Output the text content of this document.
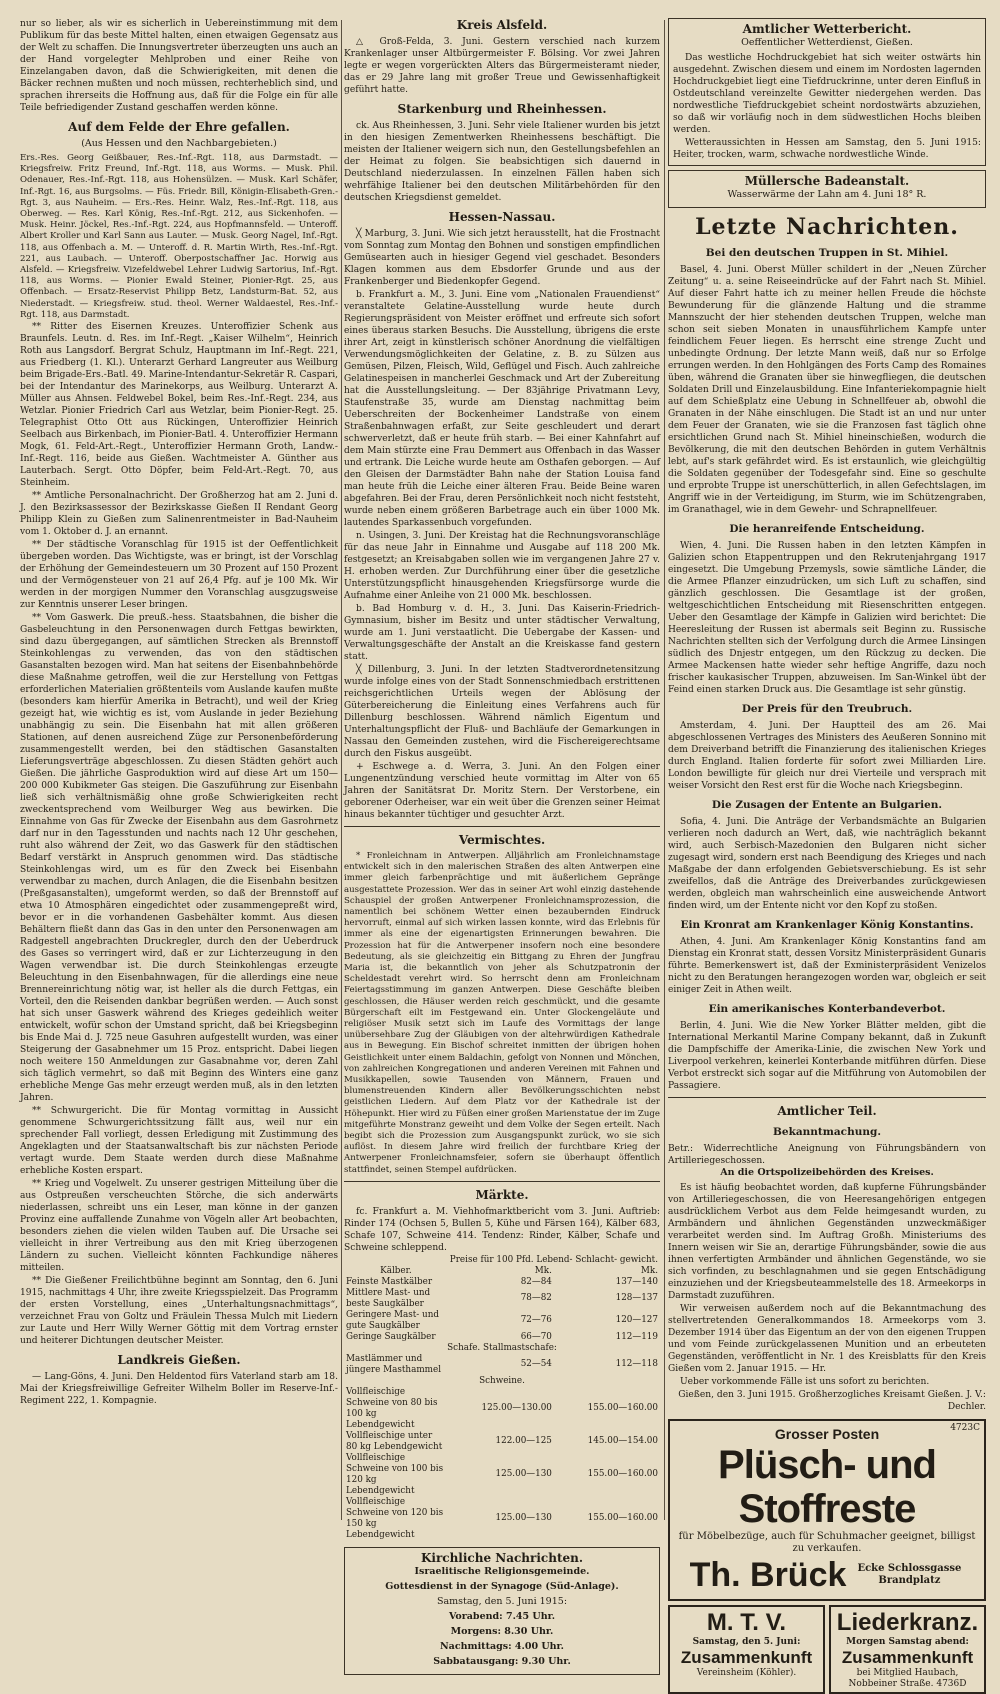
nur so lieber, als wir es sicherlich in Uebereinstimmung mit dem Publikum für das beste Mittel halten, einen etwaigen Gegensatz aus der Welt zu schaffen. Die Innungsvertreter überzeugten uns auch an der Hand vorgelegter Mehlproben und einer Reihe von Einzelangaben davon, daß die Schwierigkeiten, mit denen die Bäcker rechnen mußten und noch müssen, rechterheblich sind, und sprachen ihrerseits die Hoffnung aus, daß für die Folge ein für alle Teile befriedigender Zustand geschaffen werden könne.

Auf dem Felde der Ehre gefallen.
(Aus Hessen und den Nachbargebieten.)

Ers.-Res. Georg Geißbauer, Res.-Inf.-Rgt. 118, aus Darmstadt. — Kriegsfreiw. Fritz Freund, Inf.-Rgt. 118, aus Worms. — Musk. Phil. Odenauer, Res.-Inf.-Rgt. 118, aus Hohensülzen. — Musk. Karl Schäfer, Inf.-Rgt. 16, aus Burgsolms. — Füs. Friedr. Bill, Königin-Elisabeth-Gren.-Rgt. 3, aus Nauheim. — Ers.-Res. Heinr. Walz, Res.-Inf.-Rgt. 118, aus Oberweg. — Res. Karl König, Res.-Inf.-Rgt. 212, aus Sickenhofen. — Musk. Heinr. Jöckel, Res.-Inf.-Rgt. 224, aus Hopfmannsfeld. — Unteroff. Albert Kroller und Karl Sann aus Lauter. — Musk. Georg Nagel, Inf.-Rgt. 118, aus Offenbach a. M. — Unteroff. d. R. Martin Wirth, Res.-Inf.-Rgt. 221, aus Laubach. — Unteroff. Oberpostschaffner Jac. Horwig aus Alsfeld. — Kriegsfreiw. Vizefeldwebel Lehrer Ludwig Sartorius, Inf.-Rgt. 118, aus Worms. — Pionier Ewald Steiner, Pionier-Rgt. 25, aus Offenbach. — Ersatz-Reservist Philipp Betz, Landsturm-Bat. 52, aus Niederstadt. — Kriegsfreiw. stud. theol. Werner Waldaestel, Res.-Inf.-Rgt. 118, aus Darmstadt.

** Ritter des Eisernen Kreuzes. Unteroffizier Schenk aus Braunfels. Leutn. d. Res. im Inf.-Regt. „Kaiser Wilhelm“, Heinrich Roth aus Langsdorf. Bergrat Schulz, Hauptmann im Inf.-Regt. 221, aus Friedberg (1. Kl.). Unterarzt Gerhard Langreuter aus Weilburg beim Brigade-Ers.-Batl. 49. Marine-Intendantur-Sekretär R. Caspari, bei der Intendantur des Marinekorps, aus Weilburg. Unterarzt A. Müller aus Ahnsen. Feldwebel Bokel, beim Res.-Inf.-Regt. 234, aus Wetzlar. Pionier Friedrich Carl aus Wetzlar, beim Pionier-Regt. 25. Telegraphist Otto Ott aus Rückingen, Unteroffizier Heinrich Seelbach aus Birkenbach, im Pionier-Batl. 4. Unteroffizier Hermann Mogk, 61. Feld-Art.-Regt., Unteroffizier Hermann Groth, Landw.-Inf.-Regt. 116, beide aus Gießen. Wachtmeister A. Günther aus Lauterbach. Sergt. Otto Döpfer, beim Feld-Art.-Regt. 70, aus Steinheim.

** Amtliche Personalnachricht. Der Großherzog hat am 2. Juni d. J. den Bezirksassessor der Bezirkskasse Gießen II Rendant Georg Philipp Klein zu Gießen zum Salinenrentmeister in Bad-Nauheim vom 1. Oktober d. J. an ernannt.

** Der städtische Voranschlag für 1915 ist der Oeffentlichkeit übergeben worden. Das Wichtigste, was er bringt, ist der Vorschlag der Erhöhung der Gemeindesteuern um 30 Prozent auf 150 Prozent und der Vermögensteuer von 21 auf 26,4 Pfg. auf je 100 Mk. Wir werden in der morgigen Nummer den Voranschlag ausgzugsweise zur Kenntnis unserer Leser bringen.

** Vom Gaswerk. Die preuß.-hess. Staatsbahnen, die bisher die Gasbeleuchtung in den Personenwagen durch Fettgas bewirkten, sind dazu übergegangen, auf sämtlichen Strecken als Brennstoff Steinkohlengas zu verwenden, das von den städtischen Gasanstalten bezogen wird. Man hat seitens der Eisenbahnbehörde diese Maßnahme getroffen, weil die zur Herstellung von Fettgas erforderlichen Materialien größtenteils vom Auslande kaufen mußte (besonders kam hierfür Amerika in Betracht), und weil der Krieg gezeigt hat, wie wichtig es ist, vom Auslande in jeder Beziehung unabhängig zu sein. Die Eisenbahn hat mit allen größeren Stationen, auf denen ausreichend Züge zur Personenbeförderung zusammengestellt werden, bei den städtischen Gasanstalten Lieferungsverträge abgeschlossen. Zu diesen Städten gehört auch Gießen. Die jährliche Gasproduktion wird auf diese Art um 150—200 000 Kubikmeter Gas steigen. Die Gaszuführung zur Eisenbahn ließ sich verhältnismäßig ohne große Schwierigkeiten recht zweckentsprechend vom Weilburger Weg aus bewirken. Die Einnahme von Gas für Zwecke der Eisenbahn aus dem Gasrohrnetz darf nur in den Tagesstunden und nachts nach 12 Uhr geschehen, ruht also während der Zeit, wo das Gaswerk für den städtischen Bedarf verstärkt in Anspruch genommen wird. Das städtische Steinkohlengas wird, um es für den Zweck bei Eisenbahn verwendbar zu machen, durch Anlagen, die die Eisenbahn besitzen (Preßgasanstalten), umgeformt werden, so daß der Brennstoff auf etwa 10 Atmosphären eingedichtet oder zusammengepreßt wird, bevor er in die vorhandenen Gasbehälter kommt. Aus diesen Behältern fließt dann das Gas in den unter den Personenwagen am Radgestell angebrachten Druckregler, durch den der Ueberdruck des Gases so verringert wird, daß er zur Lichterzeugung in den Wagen verwendbar ist. Die durch Steinkohlengas erzeugte Beleuchtung in den Eisenbahnwagen, für die allerdings eine neue Brennereinrichtung nötig war, ist heller als die durch Fettgas, ein Vorteil, den die Reisenden dankbar begrüßen werden. — Auch sonst hat sich unser Gaswerk während des Krieges gedeihlich weiter entwickelt, wofür schon der Umstand spricht, daß bei Kriegsbeginn bis Ende Mai d. J. 725 neue Gasuhren aufgestellt wurden, was einer Steigerung der Gasabnehmer um 15 Proz. entspricht. Dabei liegen noch weitere 150 Anmeldungen zur Gasabnahme vor, deren Zahl sich täglich vermehrt, so daß mit Beginn des Winters eine ganz erhebliche Menge Gas mehr erzeugt werden muß, als in den letzten Jahren.

** Schwurgericht. Die für Montag vormittag in Aussicht genommene Schwurgerichtssitzung fällt aus, weil nur ein sprechender Fall vorliegt, dessen Erledigung mit Zustimmung des Angeklagten und der Staatsanwaltschaft bis zur nächsten Periode vertagt wurde. Dem Staate werden durch diese Maßnahme erhebliche Kosten erspart.

** Krieg und Vogelwelt. Zu unserer gestrigen Mitteilung über die aus Ostpreußen verscheuchten Störche, die sich anderwärts niederlassen, schreibt uns ein Leser, man könne in der ganzen Provinz eine auffallende Zunahme von Vögeln aller Art beobachten, besonders ziehen die vielen wilden Tauben auf. Die Ursache sei vielleicht in ihrer Vertreibung aus den mit Krieg überzogenen Ländern zu suchen. Vielleicht könnten Fachkundige näheres mitteilen.

** Die Gießener Freilichtbühne beginnt am Sonntag, den 6. Juni 1915, nachmittags 4 Uhr, ihre zweite Kriegsspielzeit. Das Programm der ersten Vorstellung, eines „Unterhaltungsnachmittags“, verzeichnet Frau von Goltz und Fräulein Thessa Mulch mit Liedern zur Laute und Herr Willy Werner Göttig mit dem Vortrag ernster und heiterer Dichtungen deutscher Meister.

Landkreis Gießen.

— Lang-Göns, 4. Juni. Den Heldentod fürs Vaterland starb am 18. Mai der Kriegsfreiwillige Gefreiter Wilhelm Boller im Reserve-Inf.-Regiment 222, 1. Kompagnie.

Kreis Alsfeld.

△ Groß-Felda, 3. Juni. Gestern verschied nach kurzem Krankenlager unser Altbürgermeister F. Bölsing. Vor zwei Jahren legte er wegen vorgerückten Alters das Bürgermeisteramt nieder, das er 29 Jahre lang mit großer Treue und Gewissenhaftigkeit geführt hatte.

Starkenburg und Rheinhessen.

ck. Aus Rheinhessen, 3. Juni. Sehr viele Italiener wurden bis jetzt in den hiesigen Zementwerken Rheinhessens beschäftigt. Die meisten der Italiener weigern sich nun, den Gestellungsbefehlen an der Heimat zu folgen. Sie beabsichtigen sich dauernd in Deutschland niederzulassen. In einzelnen Fällen haben sich wehrfähige Italiener bei den deutschen Militärbehörden für den deutschen Kriegsdienst gemeldet.

Hessen-Nassau.

╳ Marburg, 3. Juni. Wie sich jetzt herausstellt, hat die Frostnacht vom Sonntag zum Montag den Bohnen und sonstigen empfindlichen Gemüsearten auch in hiesiger Gegend viel geschadet. Besonders Klagen kommen aus dem Ebsdorfer Grunde und aus der Frankenberger und Biedenkopfer Gegend.

b. Frankfurt a. M., 3. Juni. Eine vom „Nationalen Frauendienst“ veranstaltete Gelatine-Ausstellung wurde heute durch Regierungspräsident von Meister eröffnet und erfreute sich sofort eines überaus starken Besuchs. Die Ausstellung, übrigens die erste ihrer Art, zeigt in künstlerisch schöner Anordnung die vielfältigen Verwendungsmöglichkeiten der Gelatine, z. B. zu Sülzen aus Gemüsen, Pilzen, Fleisch, Wild, Geflügel und Fisch. Auch zahlreiche Gelatinespeisen in mancherlei Geschmack und Art der Zubereitung hat die Ausstellungsleitung. — Der 83jährige Privatmann Levy, Staufenstraße 35, wurde am Dienstag nachmittag beim Ueberschreiten der Bockenheimer Landstraße von einem Straßenbahnwagen erfaßt, zur Seite geschleudert und derart schwerverletzt, daß er heute früh starb. — Bei einer Kahnfahrt auf dem Main stürzte eine Frau Demmert aus Offenbach in das Wasser und ertrank. Die Leiche wurde heute am Osthafen geborgen. — Auf den Gleisen der Darmstädter Bahn nahe der Station Louisa fand man heute früh die Leiche einer älteren Frau. Beide Beine waren abgefahren. Bei der Frau, deren Persönlichkeit noch nicht feststeht, wurde neben einem größeren Barbetrage auch ein über 1000 Mk. lautendes Sparkassenbuch vorgefunden.

n. Usingen, 3. Juni. Der Kreistag hat die Rechnungsvoranschläge für das neue Jahr in Einnahme und Ausgabe auf 118 200 Mk. festgesetzt; an Kreisabgaben sollen wie im vergangenen Jahre 27 v. H. erhoben werden. Zur Durchführung einer über die gesetzliche Unterstützungspflicht hinausgehenden Kriegsfürsorge wurde die Aufnahme einer Anleihe von 21 000 Mk. beschlossen.

b. Bad Homburg v. d. H., 3. Juni. Das Kaiserin-Friedrich-Gymnasium, bisher im Besitz und unter städtischer Verwaltung, wurde am 1. Juni verstaatlicht. Die Uebergabe der Kassen- und Verwaltungsgeschäfte der Anstalt an die Kreiskasse fand gestern statt.

╳ Dillenburg, 3. Juni. In der letzten Stadtverordnetensitzung wurde infolge eines von der Stadt Sonnenschmiedbach erstrittenen reichsgerichtlichen Urteils wegen der Ablösung der Güterbereicherung die Einleitung eines Verfahrens auch für Dillenburg beschlossen. Während nämlich Eigentum und Unterhaltungspflicht der Fluß- und Bachläufe der Gemarkungen in Nassau den Gemeinden zustehen, wird die Fischereigerechtsame durch den Fiskus ausgeübt.

+ Eschwege a. d. Werra, 3. Juni. An den Folgen einer Lungenentzündung verschied heute vormittag im Alter von 65 Jahren der Sanitätsrat Dr. Moritz Stern. Der Verstorbene, ein geborener Oderheiser, war ein weit über die Grenzen seiner Heimat hinaus bekannter tüchtiger und gesuchter Arzt.

Vermischtes.

* Fronleichnam in Antwerpen. Alljährlich am Fronleichnamstage entwickelt sich in den malerischen Straßen des alten Antwerpen eine immer gleich farbenprächtige und mit äußerlichem Gepränge ausgestattete Prozession. Wer das in seiner Art wohl einzig dastehende Schauspiel der großen Antwerpener Fronleichnamsprozession, die namentlich bei schönem Wetter einen bezaubernden Eindruck hervorruft, einmal auf sich wirken lassen konnte, wird das Erlebnis für immer als eine der eigenartigsten Erinnerungen bewahren. Die Prozession hat für die Antwerpener insofern noch eine besondere Bedeutung, als sie gleichzeitig ein Bittgang zu Ehren der Jungfrau Maria ist, die bekanntlich von jeher als Schutzpatronin der Scheldestadt verehrt wird. So herrscht denn am Fronleichnam Feiertagsstimmung im ganzen Antwerpen. Diese Geschäfte bleiben geschlossen, die Häuser werden reich geschmückt, und die gesamte Bürgerschaft eilt im Festgewand ein. Unter Glockengeläute und religiöser Musik setzt sich im Laufe des Vormittags der lange unübersehbare Zug der Gläubigen von der altehrwürdigen Kathedrale aus in Bewegung. Ein Bischof schreitet inmitten der übrigen hohen Geistlichkeit unter einem Baldachin, gefolgt von Nonnen und Mönchen, von zahlreichen Kongregationen und anderen Vereinen mit Fahnen und Musikkapellen, sowie Tausenden von Männern, Frauen und blumenstreuenden Kindern aller Bevölkerungsschichten nebst geistlichen Liedern. Auf dem Platz vor der Kathedrale ist der Höhepunkt. Hier wird zu Füßen einer großen Marienstatue der im Zuge mitgeführte Monstranz geweiht und dem Volke der Segen erteilt. Nach begibt sich die Prozession zum Ausgangspunkt zurück, wo sie sich auflöst. In diesem Jahre wird freilich der furchtbare Krieg der Antwerpener Fronleichnamsfeier, sofern sie überhaupt öffentlich stattfindet, seinen Stempel aufdrücken.

Märkte.

fc. Frankfurt a. M. Viehhofmarktbericht vom 3. Juni. Auftrieb: Rinder 174 (Ochsen 5, Bullen 5, Kühe und Färsen 164), Kälber 683, Schafe 107, Schweine 414. Tendenz: Rinder, Kälber, Schafe und Schweine schleppend.

	Preise für 100 Pfd. Lebend- Schlacht- gewicht.	
Kälber.	Mk.	Mk.
Feinste Mastkälber	82—84	137—140
Mittlere Mast- und beste Saugkälber	78—82	128—137
Geringere Mast- und gute Saugkälber	72—76	120—127
Geringe Saugkälber	66—70	112—119
Schafe. Stallmastschafe:		
Mastlämmer und jüngere Masthammel	52—54	112—118
Schweine.		
Vollfleischige Schweine von 80 bis 100 kg Lebendgewicht	125.00—130.00	155.00—160.00
Vollfleischige unter 80 kg Lebendgewicht	122.00—125	145.00—154.00
Vollfleischige Schweine von 100 bis 120 kg Lebendgewicht	125.00—130	155.00—160.00
Vollfleischige Schweine von 120 bis 150 kg Lebendgewicht	125.00—130	155.00—160.00
Kirchliche Nachrichten.
Israelitische Religionsgemeinde.
Gottesdienst in der Synagoge (Süd-Anlage).
Samstag, den 5. Juni 1915:
Vorabend: 7.45 Uhr.
Morgens: 8.30 Uhr.
Nachmittags: 4.00 Uhr.
Sabbatausgang: 9.30 Uhr.
Amtlicher Wetterbericht.
Oeffentlicher Wetterdienst, Gießen.

Das westliche Hochdruckgebiet hat sich weiter ostwärts hin ausgedehnt. Zwischen diesem und einem im Nordosten lagernden Hochdruckgebiet liegt eine Tiefdruckrinne, unter deren Einfluß in Ostdeutschland vereinzelte Gewitter niedergehen werden. Das nordwestliche Tiefdruckgebiet scheint nordostwärts abzuziehen, so daß wir vorläufig noch in dem südwestlichen Hochs bleiben werden.

Wetteraussichten in Hessen am Samstag, den 5. Juni 1915: Heiter, trocken, warm, schwache nordwestliche Winde.

Müllersche Badeanstalt.
Wasserwärme der Lahn am 4. Juni 18° R.
Letzte Nachrichten.
Bei den deutschen Truppen in St. Mihiel.

Basel, 4. Juni. Oberst Müller schildert in der „Neuen Zürcher Zeitung“ u. a. seine Reiseeindrücke auf der Fahrt nach St. Mihiel. Auf dieser Fahrt hatte ich zu meiner hellen Freude die höchste Bewunderung für die glänzende Haltung und die stramme Mannszucht der hier stehenden deutschen Truppen, welche man schon seit sieben Monaten in unausführlichem Kampfe unter feindlichem Feuer liegen. Es herrscht eine strenge Zucht und unbedingte Ordnung. Der letzte Mann weiß, daß nur so Erfolge errungen werden. In den Hohlgängen des Forts Camp des Romaines üben, während die Granaten über sie hinwegfliegen, die deutschen Soldaten Drill und Einzelausbildung. Eine Infanteriekompagnie hielt auf dem Schießplatz eine Uebung in Schnellfeuer ab, obwohl die Granaten in der Nähe einschlugen. Die Stadt ist an und nur unter dem Feuer der Granaten, wie sie die Franzosen fast täglich ohne ersichtlichen Grund nach St. Mihiel hineinschießen, wodurch die Bevölkerung, die mit den deutschen Behörden in gutem Verhältnis lebt, auf's stark gefährdet wird. Es ist erstaunlich, wie gleichgültig die Soldaten gegenüber der Todesgefahr sind. Eine so geschulte und erprobte Truppe ist unerschütterlich, in allen Gefechtslagen, im Angriff wie in der Verteidigung, im Sturm, wie im Schützengraben, im Granathagel, wie in dem Gewehr- und Schrapnellfeuer.

Die heranreifende Entscheidung.

Wien, 4. Juni. Die Russen haben in den letzten Kämpfen in Galizien schon Etappentruppen und den Rekrutenjahrgang 1917 eingesetzt. Die Umgebung Przemysls, sowie sämtliche Länder, die die Armee Pflanzer einzudrücken, um sich Luft zu schaffen, sind gänzlich geschlossen. Die Gesamtlage ist der großen, weltgeschichtlichen Entscheidung mit Riesenschritten entgegen. Ueber den Gesamtlage der Kämpfe in Galizien wird berichtet: Die Heeresleitung der Russen ist abermals seit Beginn zu. Russische Nachrichten stellten sich der Verfolgung durch die Armee Linsingen südlich des Dnjestr entgegen, um den Rückzug zu decken. Die Armee Mackensen hatte wieder sehr heftige Angriffe, dazu noch frischer kaukasischer Truppen, abzuweisen. Im San-Winkel übt der Feind einen starken Druck aus. Die Gesamtlage ist sehr günstig.

Der Preis für den Treubruch.

Amsterdam, 4. Juni. Der Hauptteil des am 26. Mai abgeschlossenen Vertrages des Ministers des Aeußeren Sonnino mit dem Dreiverband betrifft die Finanzierung des italienischen Krieges durch England. Italien forderte für sofort zwei Milliarden Lire. London bewilligte für gleich nur drei Vierteile und versprach mit weiser Vorsicht den Rest erst für die Woche nach Kriegsbeginn.

Die Zusagen der Entente an Bulgarien.

Sofia, 4. Juni. Die Anträge der Verbandsmächte an Bulgarien verlieren noch dadurch an Wert, daß, wie nachträglich bekannt wird, auch Serbisch-Mazedonien den Bulgaren nicht sicher zugesagt wird, sondern erst nach Beendigung des Krieges und nach Maßgabe der dann erfolgenden Gebietsverschiebung. Es ist sehr zweifellos, daß die Anträge des Dreiverbandes zurückgewiesen werden, obgleich man wahrscheinlich eine ausweichende Antwort finden wird, um der Entente nicht vor den Kopf zu stoßen.

Ein Kronrat am Krankenlager König Konstantins.

Athen, 4. Juni. Am Krankenlager König Konstantins fand am Dienstag ein Kronrat statt, dessen Vorsitz Ministerpräsident Gunaris führte. Bemerkenswert ist, daß der Exministerpräsident Venizelos nicht zu den Beratungen herangezogen worden war, obgleich er seit einiger Zeit in Athen weilt.

Ein amerikanisches Konterbandeverbot.

Berlin, 4. Juni. Wie die New Yorker Blätter melden, gibt die International Merkantil Marine Company bekannt, daß in Zukunft die Dampfschiffe der Amerika-Linie, die zwischen New York und Liverpool verkehren, keinerlei Konterbande mitführen dürfen. Diese Verbot erstreckt sich sogar auf die Mitführung von Automobilen der Passagiere.

Amtlicher Teil.
Bekanntmachung.

Betr.: Widerrechtliche Aneignung von Führungsbändern von Artilleriegeschossen.

An die Ortspolizeibehörden des Kreises.

Es ist häufig beobachtet worden, daß kupferne Führungsbänder von Artilleriegeschossen, die von Heeresangehörigen entgegen ausdrücklichem Verbot aus dem Felde heimgesandt wurden, zu Armbändern und ähnlichen Gegenständen unzweckmäßiger verarbeitet werden sind. Im Auftrag Großh. Ministeriums des Innern weisen wir Sie an, derartige Führungsbänder, sowie die aus ihnen verfertigten Armbänder und ähnlichen Gegenstände, wo sie sich vorfinden, zu beschlagnahmen und sie gegen Entschädigung einzuziehen und der Kriegsbeuteammelstelle des 18. Armeekorps in Darmstadt zuzuführen.

Wir verweisen außerdem noch auf die Bekanntmachung des stellvertretenden Generalkommandos 18. Armeekorps vom 3. Dezember 1914 über das Eigentum an der von den eigenen Truppen und vom Feinde zurückgelassenen Munition und an erbeuteten Gegenständen, veröffentlicht in Nr. 1 des Kreisblatts für den Kreis Gießen vom 2. Januar 1915. — Hr.

Ueber vorkommende Fälle ist uns sofort zu berichten.

Gießen, den 3. Juni 1915. Großherzogliches Kreisamt Gießen. J. V.: Dechler.

4723C
Grosser Posten
Plüsch- und Stoffreste
für Möbelbezüge, auch für Schuhmacher geeignet, billigst zu verkaufen.
Th. Brück	Ecke Schlossgasse Brandplatz
M. T. V.
Samstag, den 5. Juni:
Zusammenkunft
Vereinsheim (Köhler).
Liederkranz.
Morgen Samstag abend:
Zusammenkunft
bei Mitglied Haubach, Nobbeiner Straße. 4736D
